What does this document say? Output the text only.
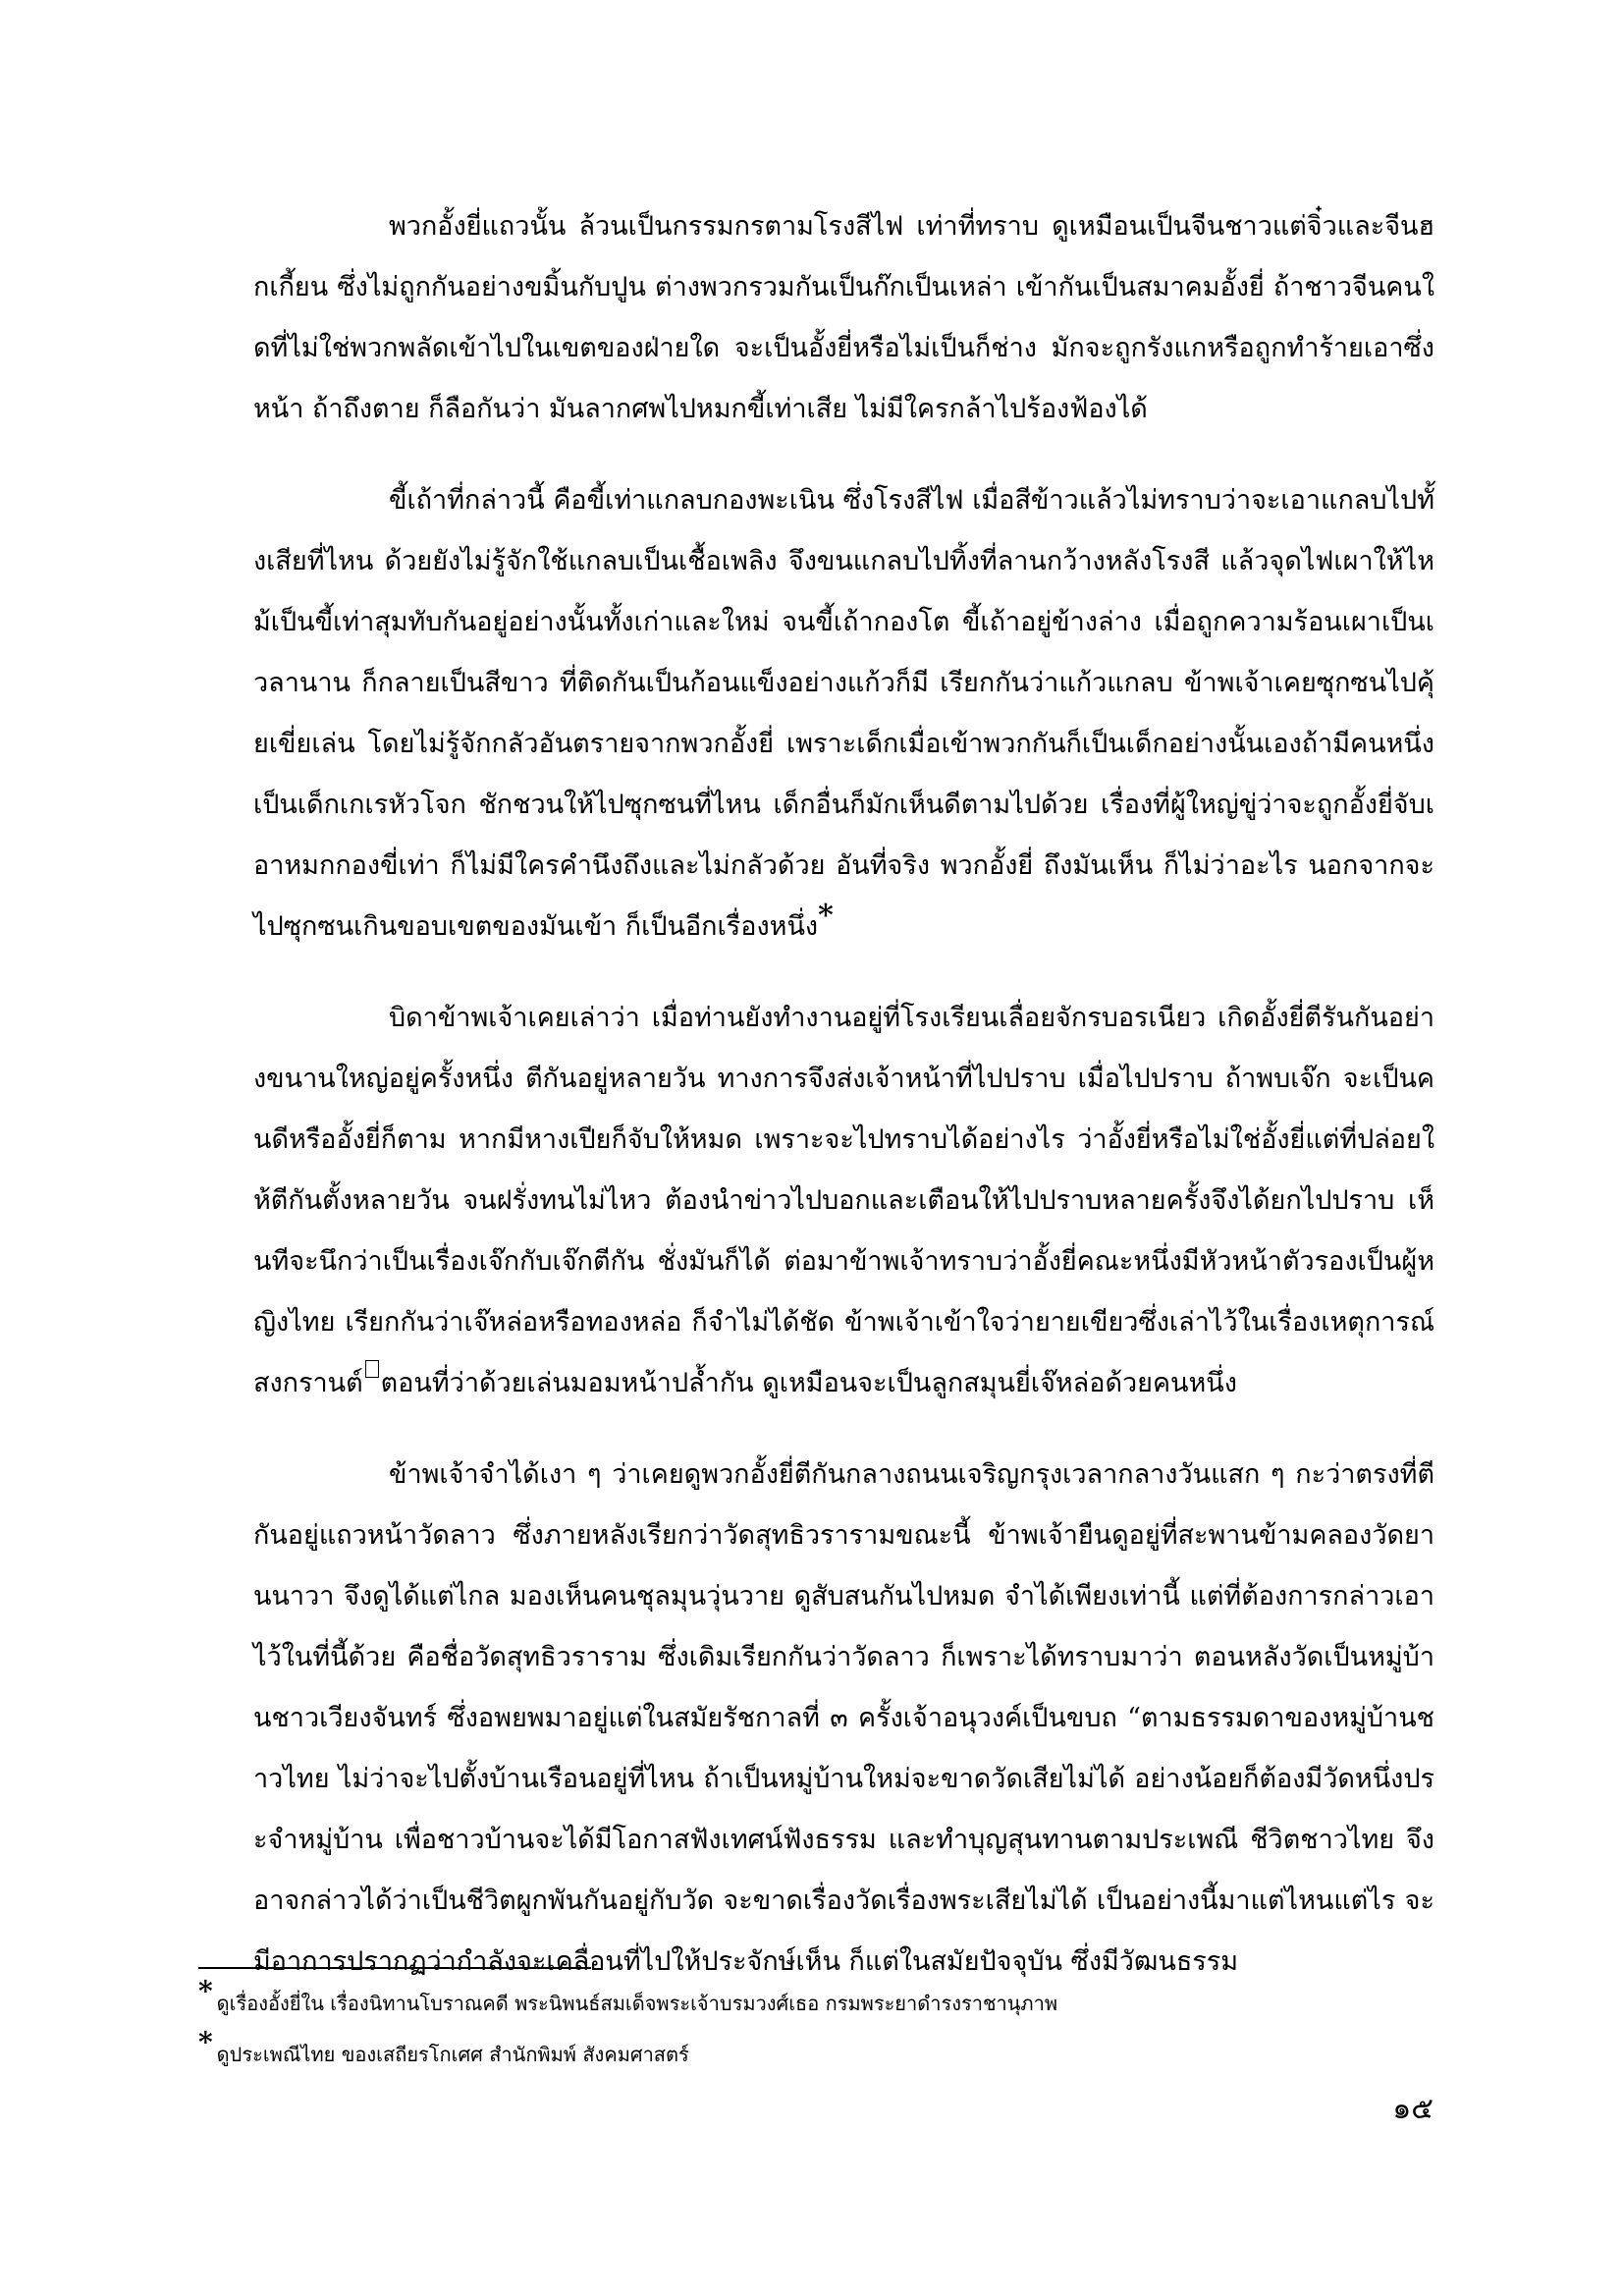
พวกอั้งยี่แถวนั้น ล้วนเป็นกรรมกรตามโรงสีไฟ เท่าที่ทราบ ดูเหมือนเป็นจีนชาวแต่จิ๋วและจีนฮกเกี้ยน ซึ่งไม่ถูกกันอย่างขมิ้นกับปูน ต่างพวกรวมกันเป็นก๊กเป็นเหล่า เข้ากันเป็นสมาคมอั้งยี่ ถ้าชาวจีนคนใดที่ไม่ใช่พวกพลัดเข้าไปในเขตของฝ่ายใด จะเป็นอั้งยี่หรือไม่เป็นก็ช่าง มักจะถูกรังแกหรือถูกทำร้ายเอาซึ่งหน้า ถ้าถึงตาย ก็ลือกันว่า มันลากศพไปหมกขี้เท่าเสีย ไม่มีใครกล้าไปร้องฟ้องได้

ขี้เถ้าที่กล่าวนี้ คือขี้เท่าแกลบกองพะเนิน ซึ่งโรงสีไฟ เมื่อสีข้าวแล้วไม่ทราบว่าจะเอาแกลบไปทั้งเสียที่ไหน ด้วยยังไม่รู้จักใช้แกลบเป็นเชื้อเพลิง จึงขนแกลบไปทิ้งที่ลานกว้างหลังโรงสี แล้วจุดไฟเผาให้ไหม้เป็นขี้เท่าสุมทับกันอยู่อย่างนั้นทั้งเก่าและใหม่ จนขี้เถ้ากองโต ขี้เถ้าอยู่ข้างล่าง เมื่อถูกความร้อนเผาเป็นเวลานาน ก็กลายเป็นสีขาว ที่ติดกันเป็นก้อนแข็งอย่างแก้วก็มี เรียกกันว่าแก้วแกลบ ข้าพเจ้าเคยซุกซนไปคุ้ยเขี่ยเล่น โดยไม่รู้จักกลัวอันตรายจากพวกอั้งยี่ เพราะเด็กเมื่อเข้าพวกกันก็เป็นเด็กอย่างนั้นเองถ้ามีคนหนึ่งเป็นเด็กเกเรหัวโจก ชักชวนให้ไปซุกซนที่ไหน เด็กอื่นก็มักเห็นดีตามไปด้วย เรื่องที่ผู้ใหญ่ขู่ว่าจะถูกอั้งยี่จับเอาหมกกองขี่เท่า ก็ไม่มีใครคำนึงถึงและไม่กลัวด้วย อันที่จริง พวกอั้งยี่ ถึงมันเห็น ก็ไม่ว่าอะไร นอกจากจะไปซุกซนเกินขอบเขตของมันเข้า ก็เป็นอีกเรื่องหนึ่ง*

บิดาข้าพเจ้าเคยเล่าว่า เมื่อท่านยังทำงานอยู่ที่โรงเรียนเลื่อยจักรบอรเนียว เกิดอั้งยี่ตีรันกันอย่างขนานใหญ่อยู่ครั้งหนึ่ง ตีกันอยู่หลายวัน ทางการจึงส่งเจ้าหน้าที่ไปปราบ เมื่อไปปราบ ถ้าพบเจ๊ก จะเป็นคนดีหรืออั้งยี่ก็ตาม หากมีหางเปียก็จับให้หมด เพราะจะไปทราบได้อย่างไร ว่าอั้งยี่หรือไม่ใช่อั้งยี่แต่ที่ปล่อยให้ตีกันตั้งหลายวัน จนฝรั่งทนไม่ไหว ต้องนำข่าวไปบอกและเตือนให้ไปปราบหลายครั้งจึงได้ยกไปปราบ เห็นทีจะนึกว่าเป็นเรื่องเจ๊กกับเจ๊กตีกัน ชั่งมันก็ได้ ต่อมาข้าพเจ้าทราบว่าอั้งยี่คณะหนึ่งมีหัวหน้าตัวรองเป็นผู้หญิงไทย เรียกกันว่าเจ๊หล่อหรือทองหล่อ ก็จำไม่ได้ชัด ข้าพเจ้าเข้าใจว่ายายเขียวซึ่งเล่าไว้ในเรื่องเหตุการณ์สงกรานต์ ตอนที่ว่าด้วยเล่นมอมหน้าปล้ำกัน ดูเหมือนจะเป็นลูกสมุนยี่เจ๊หล่อด้วยคนหนึ่ง

ข้าพเจ้าจำได้เงา ๆ ว่าเคยดูพวกอั้งยี่ตีกันกลางถนนเจริญกรุงเวลากลางวันแสก ๆ กะว่าตรงที่ตีกันอยู่แถวหน้าวัดลาว ซึ่งภายหลังเรียกว่าวัดสุทธิวรารามขณะนี้ ข้าพเจ้ายืนดูอยู่ที่สะพานข้ามคลองวัดยานนาวา จึงดูได้แต่ไกล มองเห็นคนชุลมุนวุ่นวาย ดูสับสนกันไปหมด จำได้เพียงเท่านี้ แต่ที่ต้องการกล่าวเอาไว้ในที่นี้ด้วย คือชื่อวัดสุทธิวราราม ซึ่งเดิมเรียกกันว่าวัดลาว ก็เพราะได้ทราบมาว่า ตอนหลังวัดเป็นหมู่บ้านชาวเวียงจันทร์ ซึ่งอพยพมาอยู่แต่ในสมัยรัชกาลที่ ๓ ครั้งเจ้าอนุวงค์เป็นขบถ “ตามธรรมดาของหมู่บ้านชาวไทย ไม่ว่าจะไปตั้งบ้านเรือนอยู่ที่ไหน ถ้าเป็นหมู่บ้านใหม่จะขาดวัดเสียไม่ได้ อย่างน้อยก็ต้องมีวัดหนึ่งประจำหมู่บ้าน เพื่อชาวบ้านจะได้มีโอกาสฟังเทศน์ฟังธรรม และทำบุญสุนทานตามประเพณี ชีวิตชาวไทย จึงอาจกล่าวได้ว่าเป็นชีวิตผูกพันกันอยู่กับวัด จะขาดเรื่องวัดเรื่องพระเสียไม่ได้ เป็นอย่างนี้มาแต่ไหนแต่ไร จะมีอาการปรากฏว่ากำลังจะเคลื่อนที่ไปให้ประจักษ์เห็น ก็แต่ในสมัยปัจจุบัน ซึ่งมีวัฒนธรรม

* ดูเรื่องอั้งยี่ใน เรื่องนิทานโบราณคดี พระนิพนธ์สมเด็จพระเจ้าบรมวงศ์เธอ กรมพระยาดำรงราชานุภาพ
* ดูประเพณีไทย ของเสถียรโกเศศ สำนักพิมพ์ สังคมศาสตร์
๑๕
